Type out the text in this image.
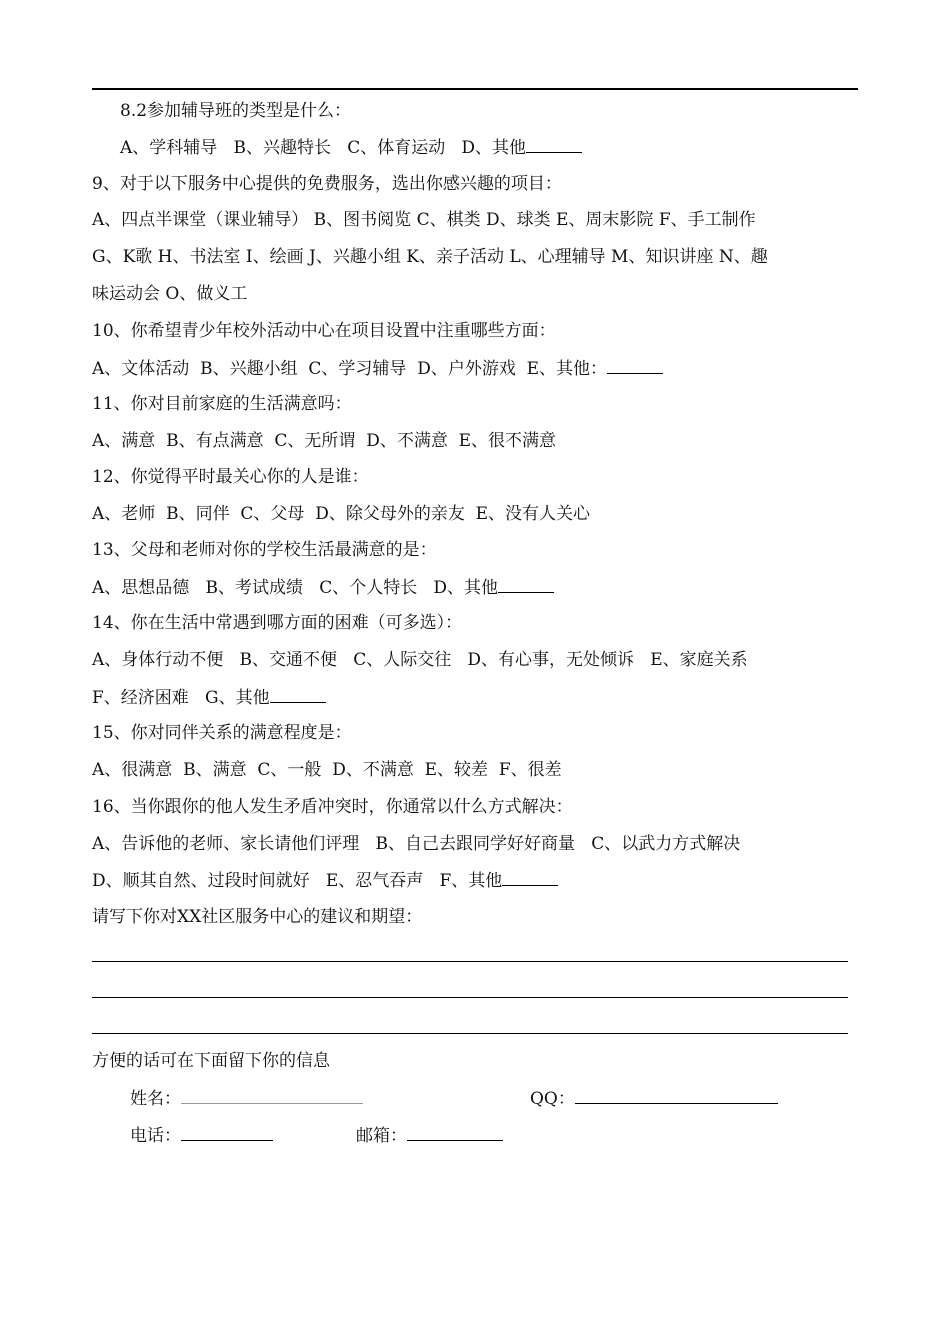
8.2参加辅导班的类型是什么：
A、学科辅导   B、兴趣特长   C、体育运动   D、其他
9、对于以下服务中心提供的免费服务，选出你感兴趣的项目：
A、四点半课堂（课业辅导） B、图书阅览 C、棋类 D、球类 E、周末影院 F、手工制作
G、K歌 H、书法室 I、绘画 J、兴趣小组 K、亲子活动 L、心理辅导 M、知识讲座 N、趣
味运动会 O、做义工
10、你希望青少年校外活动中心在项目设置中注重哪些方面：
A、文体活动  B、兴趣小组  C、学习辅导  D、户外游戏  E、其他：
11、你对目前家庭的生活满意吗：
A、满意  B、有点满意  C、无所谓  D、不满意  E、很不满意
12、你觉得平时最关心你的人是谁：
A、老师  B、同伴  C、父母  D、除父母外的亲友  E、没有人关心
13、父母和老师对你的学校生活最满意的是：
A、思想品德   B、考试成绩   C、个人特长   D、其他
14、你在生活中常遇到哪方面的困难（可多选）：
A、身体行动不便   B、交通不便   C、人际交往   D、有心事，无处倾诉   E、家庭关系
F、经济困难   G、其他
15、你对同伴关系的满意程度是：
A、很满意  B、满意  C、一般  D、不满意  E、较差  F、很差
16、当你跟你的他人发生矛盾冲突时，你通常以什么方式解决：
A、告诉他的老师、家长请他们评理   B、自己去跟同学好好商量   C、以武力方式解决
D、顺其自然、过段时间就好   E、忍气吞声   F、其他
请写下你对XX社区服务中心的建议和期望：
方便的话可在下面留下你的信息
姓名：	QQ：
电话：	邮箱：
